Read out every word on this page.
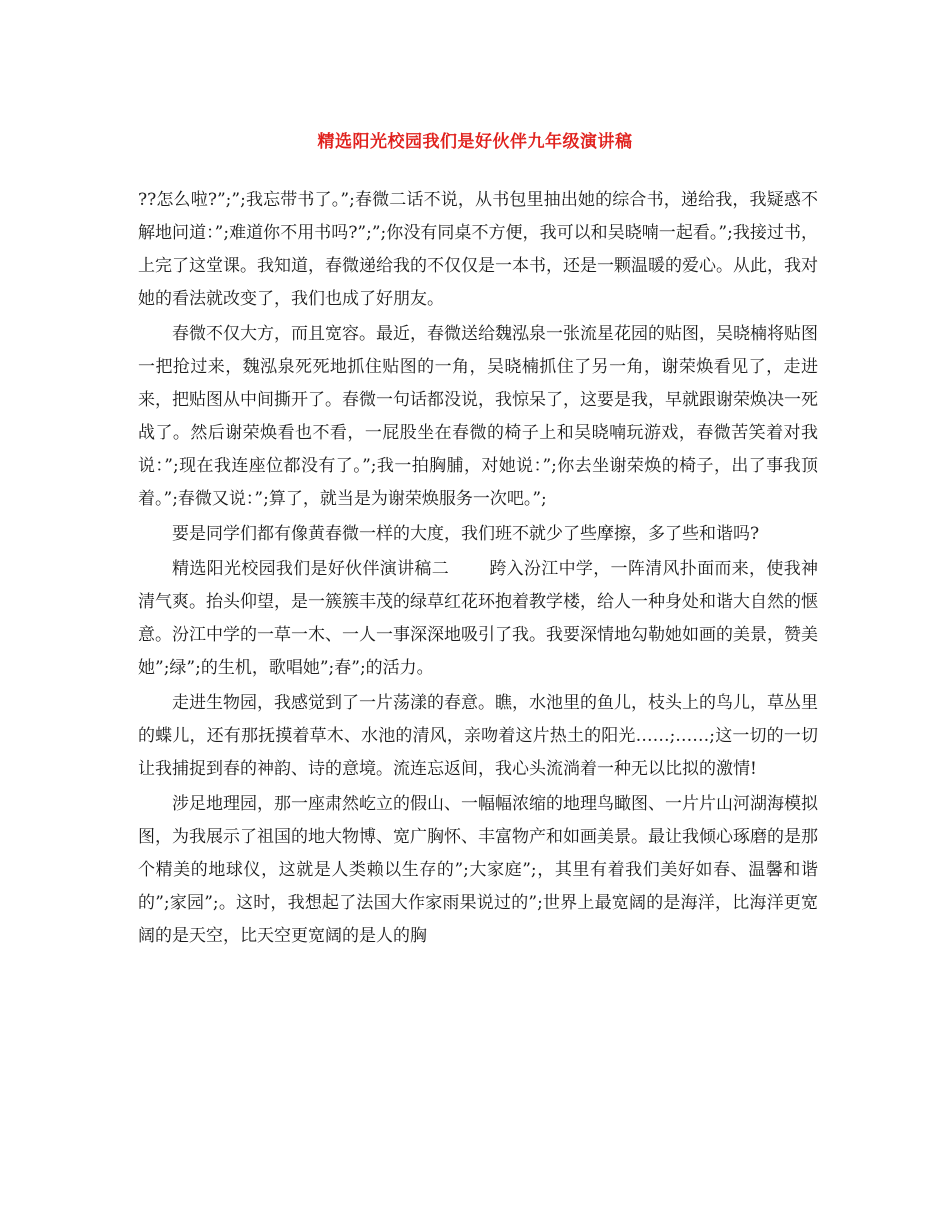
精选阳光校园我们是好伙伴九年级演讲稿

??怎么啦?”;”;我忘带书了。”;春微二话不说，从书包里抽出她的综合书，递给我，我疑惑不解地问道：”;难道你不用书吗?”;”;你没有同桌不方便，我可以和吴晓喃一起看。”;我接过书，上完了这堂课。我知道，春微递给我的不仅仅是一本书，还是一颗温暖的爱心。从此，我对她的看法就改变了，我们也成了好朋友。

春微不仅大方，而且宽容。最近，春微送给魏泓泉一张流星花园的贴图，吴晓楠将贴图一把抢过来，魏泓泉死死地抓住贴图的一角，吴晓楠抓住了另一角，谢荣焕看见了，走进来，把贴图从中间撕开了。春微一句话都没说，我惊呆了，这要是我，早就跟谢荣焕决一死战了。然后谢荣焕看也不看，一屁股坐在春微的椅子上和吴晓喃玩游戏，春微苦笑着对我说：”;现在我连座位都没有了。”;我一拍胸脯，对她说：”;你去坐谢荣焕的椅子，出了事我顶着。”;春微又说：”;算了，就当是为谢荣焕服务一次吧。”;

要是同学们都有像黄春微一样的大度，我们班不就少了些摩擦，多了些和谐吗?

精选阳光校园我们是好伙伴演讲稿二 跨入汾江中学，一阵清风扑面而来，使我神清气爽。抬头仰望，是一簇簇丰茂的绿草红花环抱着教学楼，给人一种身处和谐大自然的惬意。汾江中学的一草一木、一人一事深深地吸引了我。我要深情地勾勒她如画的美景，赞美她”;绿”;的生机，歌唱她”;春”;的活力。

走进生物园，我感觉到了一片荡漾的春意。瞧，水池里的鱼儿，枝头上的鸟儿，草丛里的蝶儿，还有那抚摸着草木、水池的清风，亲吻着这片热土的阳光……;……;这一切的一切让我捕捉到春的神韵、诗的意境。流连忘返间，我心头流淌着一种无以比拟的激情!

涉足地理园，那一座肃然屹立的假山、一幅幅浓缩的地理鸟瞰图、一片片山河湖海模拟图，为我展示了祖国的地大物博、宽广胸怀、丰富物产和如画美景。最让我倾心琢磨的是那个精美的地球仪，这就是人类赖以生存的”;大家庭”;，其里有着我们美好如春、温馨和谐的”;家园”;。这时，我想起了法国大作家雨果说过的”;世界上最宽阔的是海洋，比海洋更宽阔的是天空，比天空更宽阔的是人的胸
